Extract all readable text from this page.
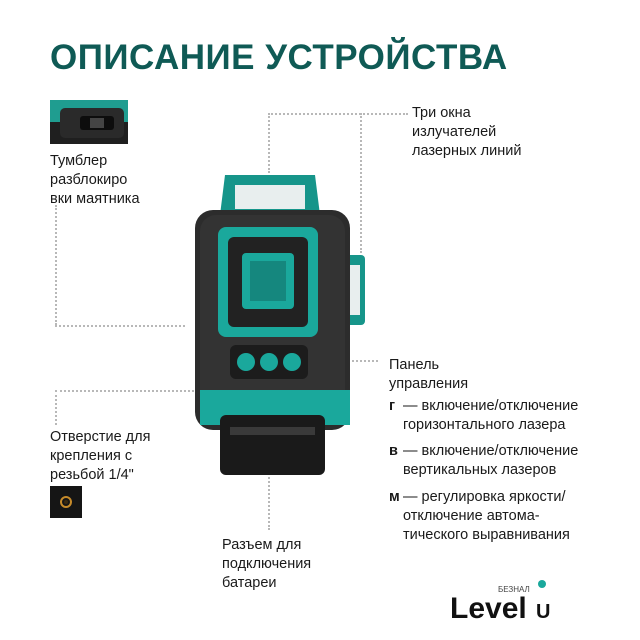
ОПИСАНИЕ УСТРОЙСТВА
Тумблер
разблокиро
вки маятника
Три окна
излучателей
лазерных линий
Панель
управления
г — включение/отключение
горизонтального лазера
в — включение/отключение
вертикальных лазеров
м — регулировка яркости/
отключение автома-
тического выравнивания
Отверстие для
крепления с
резьбой 1/4"
Разъем для
подключения
батареи
Level
БЕЗНАЛ
U
